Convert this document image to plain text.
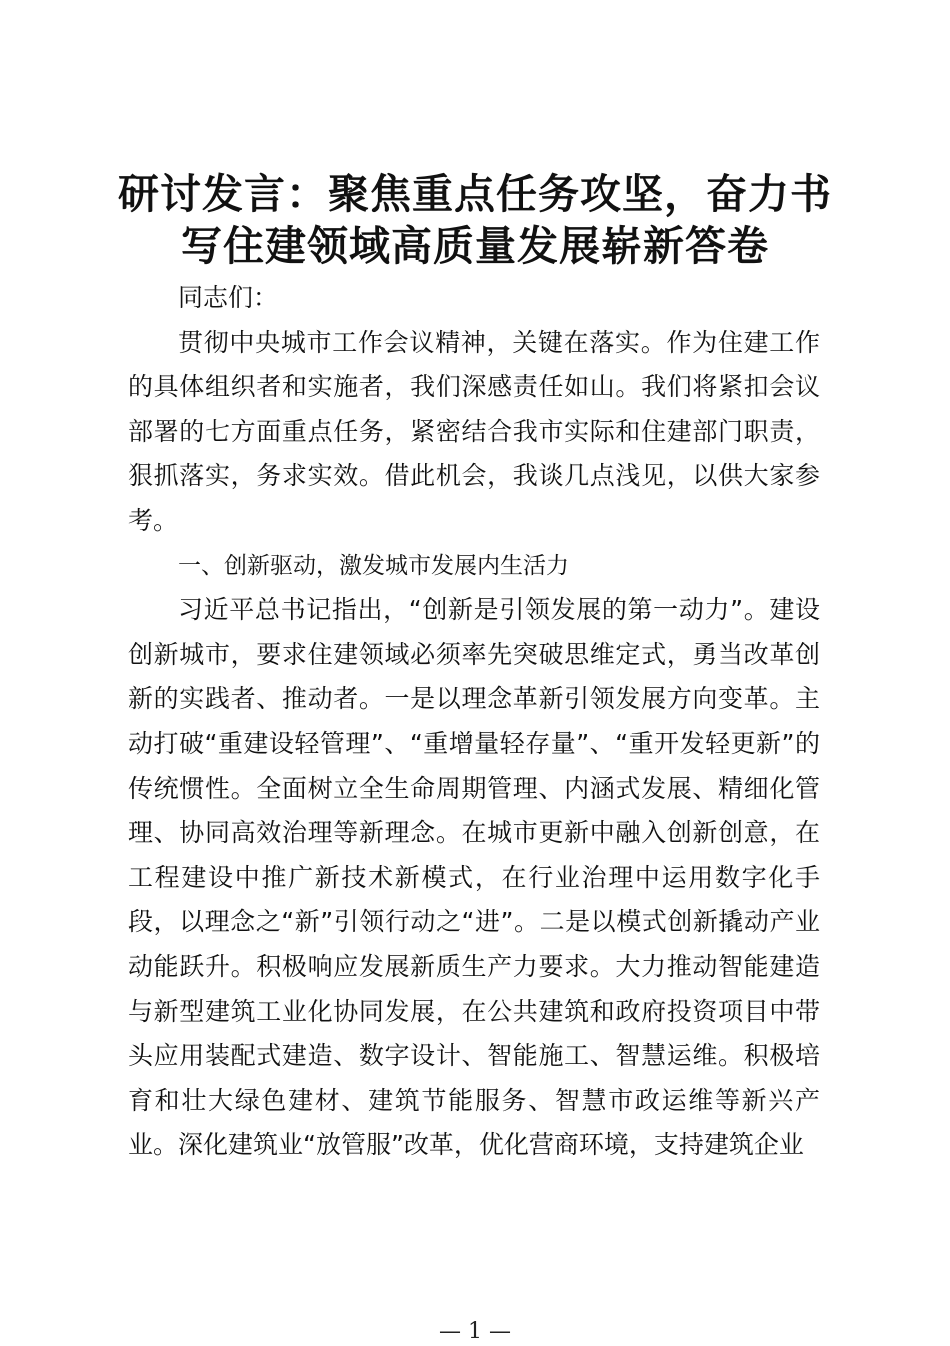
研讨发言：聚焦重点任务攻坚，奋力书
写住建领域高质量发展崭新答卷

同志们：

贯彻中央城市工作会议精神，关键在落实。作为住建工作的具体组织者和实施者，我们深感责任如山。我们将紧扣会议部署的七方面重点任务，紧密结合我市实际和住建部门职责，狠抓落实，务求实效。借此机会，我谈几点浅见，以供大家参考。

一、创新驱动，激发城市发展内生活力

习近平总书记指出，“创新是引领发展的第一动力”。建设创新城市，要求住建领域必须率先突破思维定式，勇当改革创新的实践者、推动者。一是以理念革新引领发展方向变革。主动打破“重建设轻管理”、“重增量轻存量”、“重开发轻更新”的传统惯性。全面树立全生命周期管理、内涵式发展、精细化管理、协同高效治理等新理念。在城市更新中融入创新创意，在工程建设中推广新技术新模式，在行业治理中运用数字化手段，以理念之“新”引领行动之“进”。二是以模式创新撬动产业动能跃升。积极响应发展新质生产力要求。大力推动智能建造与新型建筑工业化协同发展，在公共建筑和政府投资项目中带头应用装配式建造、数字设计、智能施工、智慧运维。积极培育和壮大绿色建材、建筑节能服务、智慧市政运维等新兴产业。深化建筑业“放管服”改革，优化营商环境，支持建筑企业

— 1 —
